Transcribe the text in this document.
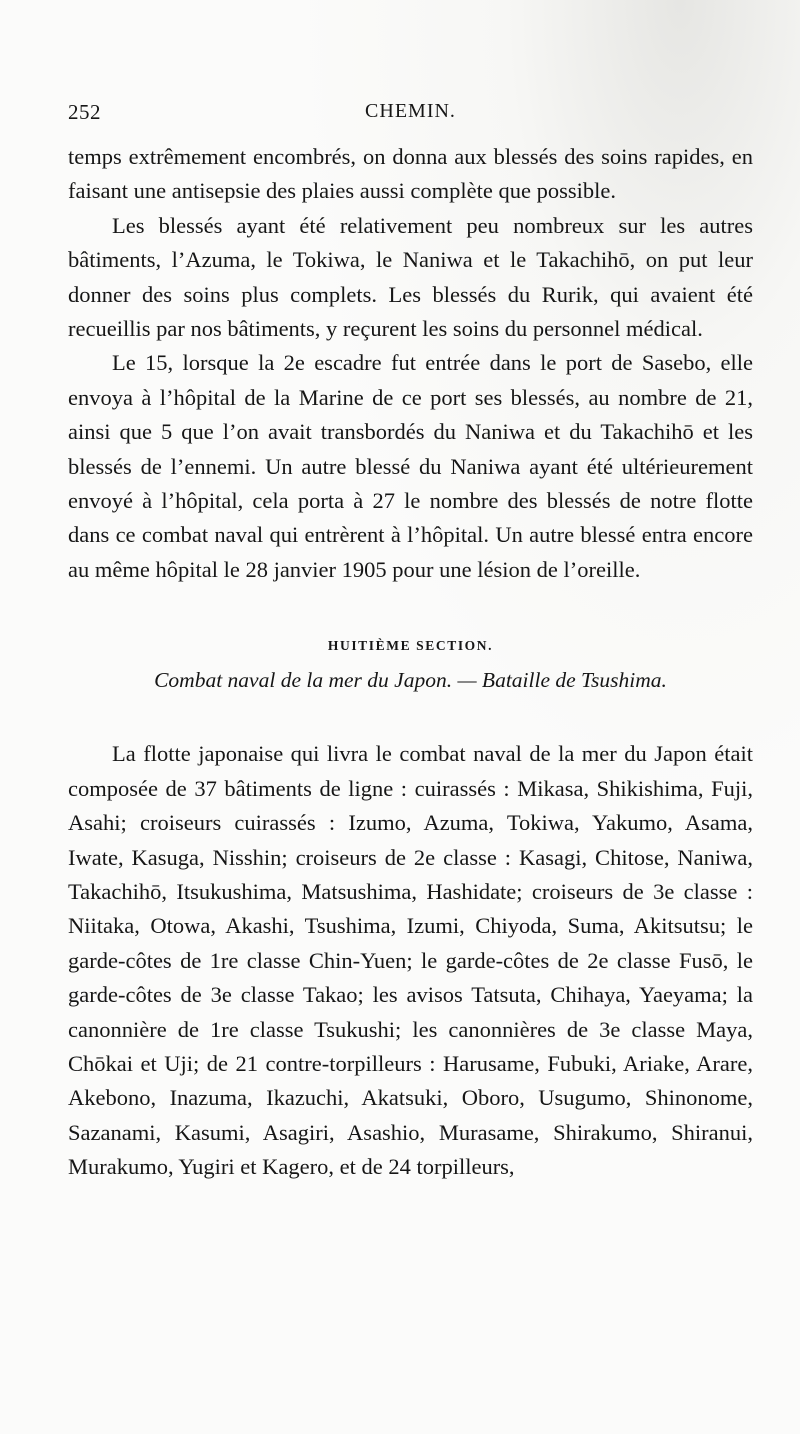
252	CHEMIN.

temps extrêmement encombrés, on donna aux blessés des soins rapides, en faisant une antisepsie des plaies aussi complète que possible.

Les blessés ayant été relativement peu nombreux sur les autres bâtiments, l’Azuma, le Tokiwa, le Naniwa et le Takachihō, on put leur donner des soins plus complets. Les blessés du Rurik, qui avaient été recueillis par nos bâtiments, y reçurent les soins du personnel médical.

Le 15, lorsque la 2e escadre fut entrée dans le port de Sasebo, elle envoya à l’hôpital de la Marine de ce port ses blessés, au nombre de 21, ainsi que 5 que l’on avait transbordés du Naniwa et du Takachihō et les blessés de l’ennemi. Un autre blessé du Naniwa ayant été ultérieurement envoyé à l’hôpital, cela porta à 27 le nombre des blessés de notre flotte dans ce combat naval qui entrèrent à l’hôpital. Un autre blessé entra encore au même hôpital le 28 janvier 1905 pour une lésion de l’oreille.

HUITIÈME SECTION.

Combat naval de la mer du Japon. — Bataille de Tsushima.

La flotte japonaise qui livra le combat naval de la mer du Japon était composée de 37 bâtiments de ligne : cuirassés : Mikasa, Shikishima, Fuji, Asahi; croiseurs cuirassés : Izumo, Azuma, Tokiwa, Yakumo, Asama, Iwate, Kasuga, Nisshin; croiseurs de 2e classe : Kasagi, Chitose, Naniwa, Takachihō, Itsukushima, Matsushima, Hashidate; croiseurs de 3e classe : Niitaka, Otowa, Akashi, Tsushima, Izumi, Chiyoda, Suma, Akitsutsu; le garde-côtes de 1re classe Chin-Yuen; le garde-côtes de 2e classe Fusō, le garde-côtes de 3e classe Takao; les avisos Tatsuta, Chihaya, Yaeyama; la canonnière de 1re classe Tsukushi; les canonnières de 3e classe Maya, Chōkai et Uji; de 21 contre-torpilleurs : Harusame, Fubuki, Ariake, Arare, Akebono, Inazuma, Ikazuchi, Akatsuki, Oboro, Usugumo, Shinonome, Sazanami, Kasumi, Asagiri, Asashio, Murasame, Shirakumo, Shiranui, Murakumo, Yugiri et Kagero, et de 24 torpilleurs,
